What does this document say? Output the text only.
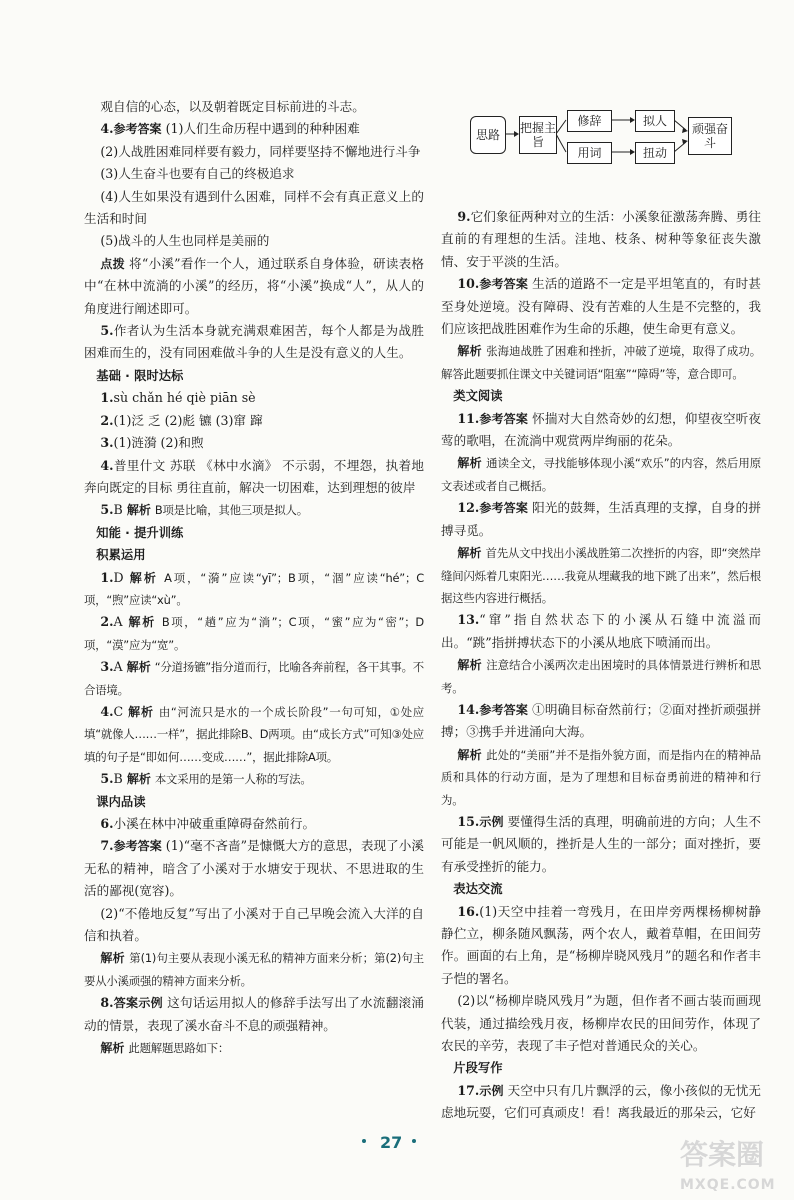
观自信的心态，以及朝着既定目标前进的斗志。

4.参考答案 (1)人们生命历程中遇到的种种困难

(2)人战胜困难同样要有毅力，同样要坚持不懈地进行斗争

(3)人生奋斗也要有自己的终极追求

(4)人生如果没有遇到什么困难，同样不会有真正意义上的生活和时间

(5)战斗的人生也同样是美丽的

点拨 将“小溪”看作一个人，通过联系自身体验，研读表格中“在林中流淌的小溪”的经历，将“小溪”换成“人”，从人的角度进行阐述即可。

5.作者认为生活本身就充满艰难困苦，每个人都是为战胜困难而生的，没有同困难做斗争的人生是没有意义的人生。

基础 · 限时达标

1.sù chǎn hé qiè piān sè

2.(1)泛 乏 (2)彪 镳 (3)窜 蹿

3.(1)涟漪 (2)和煦

4.普里什文 苏联 《林中水滴》 不示弱，不埋怨，执着地奔向既定的目标 勇往直前，解决一切困难，达到理想的彼岸

5.B 解析 B项是比喻，其他三项是拟人。

知能 · 提升训练

积累运用

1.D 解析 A项，“漪”应读“yī”；B项，“涸”应读“hé”；C项，“煦”应读“xù”。

2.A 解析 B项，“趟”应为“淌”；C项，“蜜”应为“密”；D项，“漠”应为“宽”。

3.A 解析 “分道扬镳”指分道而行，比喻各奔前程，各干其事。不合语境。

4.C 解析 由“河流只是水的一个成长阶段”一句可知，①处应填“就像人……一样”，据此排除B、D两项。由“成长方式”可知③处应填的句子是“即如何……变成……”，据此排除A项。

5.B 解析 本文采用的是第一人称的写法。

课内品读

6.小溪在林中冲破重重障碍奋然前行。

7.参考答案 (1)“毫不吝啬”是慷慨大方的意思，表现了小溪无私的精神，暗含了小溪对于水塘安于现状、不思进取的生活的鄙视(宽容)。

(2)“不倦地反复”写出了小溪对于自己早晚会流入大洋的自信和执着。

解析 第(1)句主要从表现小溪无私的精神方面来分析；第(2)句主要从小溪顽强的精神方面来分析。

8.答案示例 这句话运用拟人的修辞手法写出了水流翻滚涌动的情景，表现了溪水奋斗不息的顽强精神。

解析 此题解题思路如下：

9.它们象征两种对立的生活：小溪象征激荡奔腾、勇往直前的有理想的生活。洼地、枝条、树种等象征丧失激情、安于平淡的生活。

10.参考答案 生活的道路不一定是平坦笔直的，有时甚至身处逆境。没有障碍、没有苦难的人生是不完整的，我们应该把战胜困难作为生命的乐趣，使生命更有意义。

解析 张海迪战胜了困难和挫折，冲破了逆境，取得了成功。解答此题要抓住课文中关键词语“阻塞”“障碍”等，意合即可。

类文阅读

11.参考答案 怀揣对大自然奇妙的幻想，仰望夜空听夜莺的歌唱，在流淌中观赏两岸绚丽的花朵。

解析 通读全文，寻找能够体现小溪“欢乐”的内容，然后用原文表述或者自己概括。

12.参考答案 阳光的鼓舞，生活真理的支撑，自身的拼搏寻觅。

解析 首先从文中找出小溪战胜第二次挫折的内容，即“突然岸缝间闪烁着几束阳光……我竟从埋藏我的地下跳了出来”，然后根据这些内容进行概括。

13.“窜”指自然状态下的小溪从石缝中流溢而出。“跳”指拼搏状态下的小溪从地底下喷涌而出。

解析 注意结合小溪两次走出困境时的具体情景进行辨析和思考。

14.参考答案 ①明确目标奋然前行；②面对挫折顽强拼搏；③携手并进涌向大海。

解析 此处的“美丽”并不是指外貌方面，而是指内在的精神品质和具体的行动方面，是为了理想和目标奋勇前进的精神和行为。

15.示例 要懂得生活的真理，明确前进的方向；人生不可能是一帆风顺的，挫折是人生的一部分；面对挫折，要有承受挫折的能力。

表达交流

16.(1)天空中挂着一弯残月，在田岸旁两棵杨柳树静静伫立，柳条随风飘荡，两个农人，戴着草帽，在田间劳作。画面的右上角，是“杨柳岸晓风残月”的题名和作者丰子恺的署名。

(2)以“杨柳岸晓风残月”为题，但作者不画古装而画现代装，通过描绘残月夜，杨柳岸农民的田间劳作，体现了农民的辛劳，表现了丰子恺对普通民众的关心。

片段写作

17.示例 天空中只有几片飘浮的云，像小孩似的无忧无虑地玩耍，它们可真顽皮！看！离我最近的那朵云，它好

思路	把握主旨
修辞
用词
拟人
扭动
顽强奋斗
27	答案圈
MXQE.COM
